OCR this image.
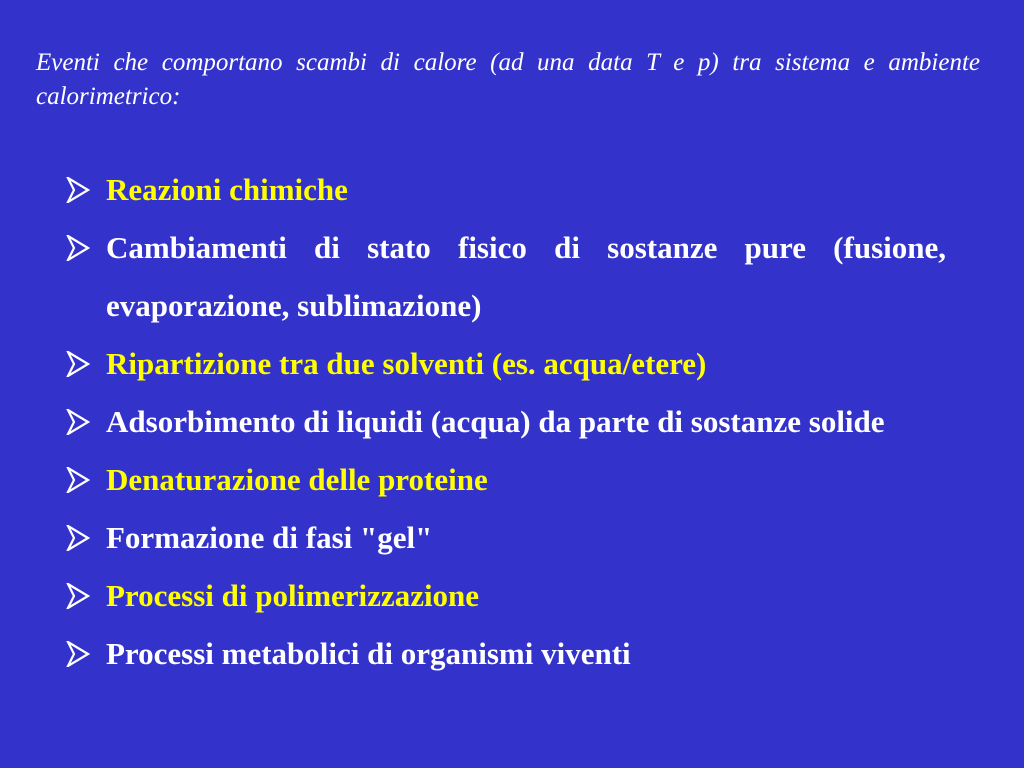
Eventi che comportano scambi di calore (ad una data T e p) tra sistema e ambiente calorimetrico:

Reazioni chimiche
Cambiamenti di stato fisico di sostanze pure (fusione, evaporazione, sublimazione)
Ripartizione tra due solventi (es. acqua/etere)
Adsorbimento di liquidi (acqua) da parte di sostanze solide
Denaturazione delle proteine
Formazione di fasi "gel"
Processi di polimerizzazione
Processi metabolici di organismi viventi
